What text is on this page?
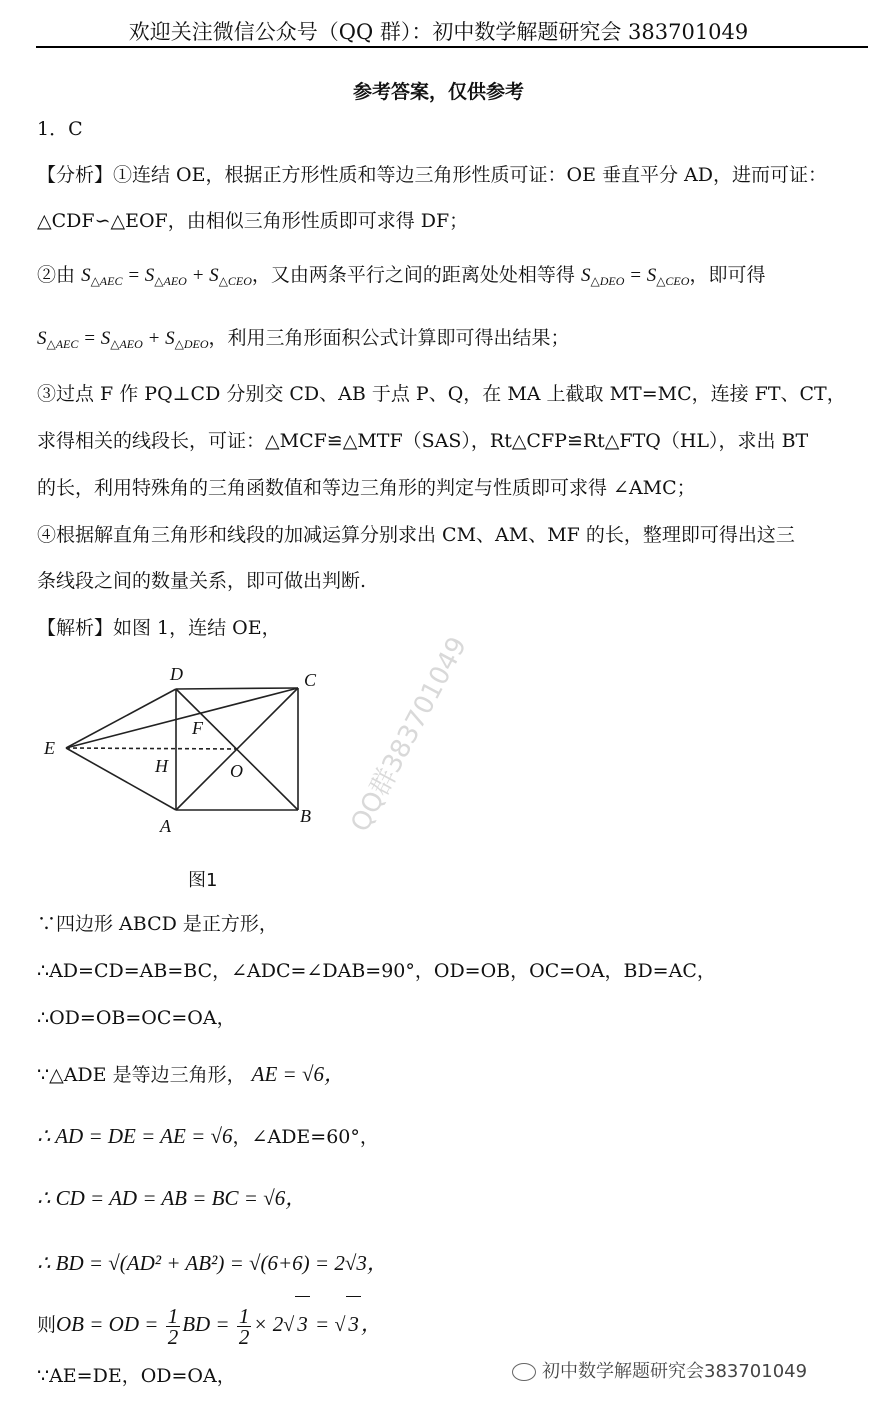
欢迎关注微信公众号（QQ 群）：初中数学解题研究会 383701049
参考答案，仅供参考
1．C
【分析】①连结 OE，根据正方形性质和等边三角形性质可证：OE 垂直平分 AD，进而可证：
△CDF∽△EOF，由相似三角形性质即可求得 DF；
②由 $S_{\triangle AEC} = S_{\triangle AEO} + S_{\triangle CEO}$，又由两条平行之间的距离处处相等得 $S_{\triangle DEO} = S_{\triangle CEO}$，即可得
$S_{\triangle AEC} = S_{\triangle AEO} + S_{\triangle DEO}$，利用三角形面积公式计算即可得出结果；
③过点 F 作 PQ⊥CD 分别交 CD、AB 于点 P、Q，在 MA 上截取 MT=MC，连接 FT、CT，
求得相关的线段长，可证：△MCF≌△MTF（SAS），Rt△CFP≌Rt△FTQ（HL），求出 BT
的长，利用特殊角的三角函数值和等边三角形的判定与性质即可求得 ∠AMC；
④根据解直角三角形和线段的加减运算分别求出 CM、AM、MF 的长，整理即可得出这三
条线段之间的数量关系，即可做出判断.
【解析】如图 1，连结 OE，
D	C
E
F
H	O
A	B
图1
QQ群383701049
∵四边形 ABCD 是正方形，
∴AD=CD=AB=BC，∠ADC=∠DAB=90°，OD=OB，OC=OA，BD=AC，
∴OD=OB=OC=OA，
∵△ADE 是等边三角形， AE = √6，
∴ AD = DE = AE = √6，∠ADE=60°，
∴ CD = AD = AB = BC = √6，
∴ BD = √(AD² + AB²) = √(6+6) = 2√3，
则OB = OD = $\frac{1}{2}$ BD = $\frac{1}{2} \times 2√$ 3 = √ 3，
∵AE=DE，OD=OA，	初中数学解题研究会383701049
